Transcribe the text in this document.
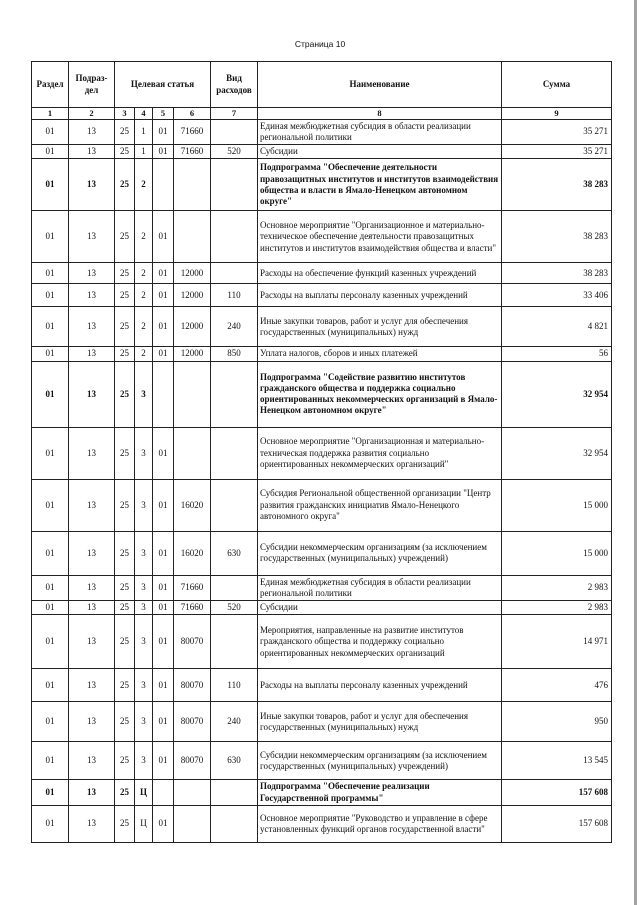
Страница 10
Раздел	Подраз-дел	Целевая статья				Вид расходов	Наименование	Сумма
1	2	3	4	5	6	7	8	9
01	13	25	1	01	71660		Единая межбюджетная субсидия в области реализации региональной политики	35 271
01	13	25	1	01	71660	520	Субсидии	35 271
01	13	25	2				Подпрограмма "Обеспечение деятельности правозащитных институтов и институтов взаимодействия общества и власти в Ямало-Ненецком автономном округе"	38 283
01	13	25	2	01			Основное мероприятие "Организационное и материально-техническое обеспечение деятельности правозащитных институтов и институтов взаимодействия общества и власти"	38 283
01	13	25	2	01	12000		Расходы на обеспечение функций казенных учреждений	38 283
01	13	25	2	01	12000	110	Расходы на выплаты персоналу казенных учреждений	33 406
01	13	25	2	01	12000	240	Иные закупки товаров, работ и услуг для обеспечения государственных (муниципальных) нужд	4 821
01	13	25	2	01	12000	850	Уплата налогов, сборов и иных платежей	56
01	13	25	3				Подпрограмма "Содействие развитию институтов гражданского общества и поддержка социально ориентированных некоммерческих организаций в Ямало-Ненецком автономном округе"	32 954
01	13	25	3	01			Основное мероприятие "Организационная и материально-техническая поддержка развития социально ориентированных некоммерческих организаций"	32 954
01	13	25	3	01	16020		Субсидия Региональной общественной организации "Центр развития гражданских инициатив Ямало-Ненецкого автономного округа"	15 000
01	13	25	3	01	16020	630	Субсидии некоммерческим организациям (за исключением государственных (муниципальных) учреждений)	15 000
01	13	25	3	01	71660		Единая межбюджетная субсидия в области реализации региональной политики	2 983
01	13	25	3	01	71660	520	Субсидии	2 983
01	13	25	3	01	80070		Мероприятия, направленные на развитие институтов гражданского общества и поддержку социально ориентированных некоммерческих организаций	14 971
01	13	25	3	01	80070	110	Расходы на выплаты персоналу казенных учреждений	476
01	13	25	3	01	80070	240	Иные закупки товаров, работ и услуг для обеспечения государственных (муниципальных) нужд	950
01	13	25	3	01	80070	630	Субсидии некоммерческим организациям (за исключением государственных (муниципальных) учреждений)	13 545
01	13	25	Ц				Подпрограмма "Обеспечение реализации Государственной программы"	157 608
01	13	25	Ц	01			Основное мероприятие "Руководство и управление в сфере установленных функций органов государственной власти"	157 608
